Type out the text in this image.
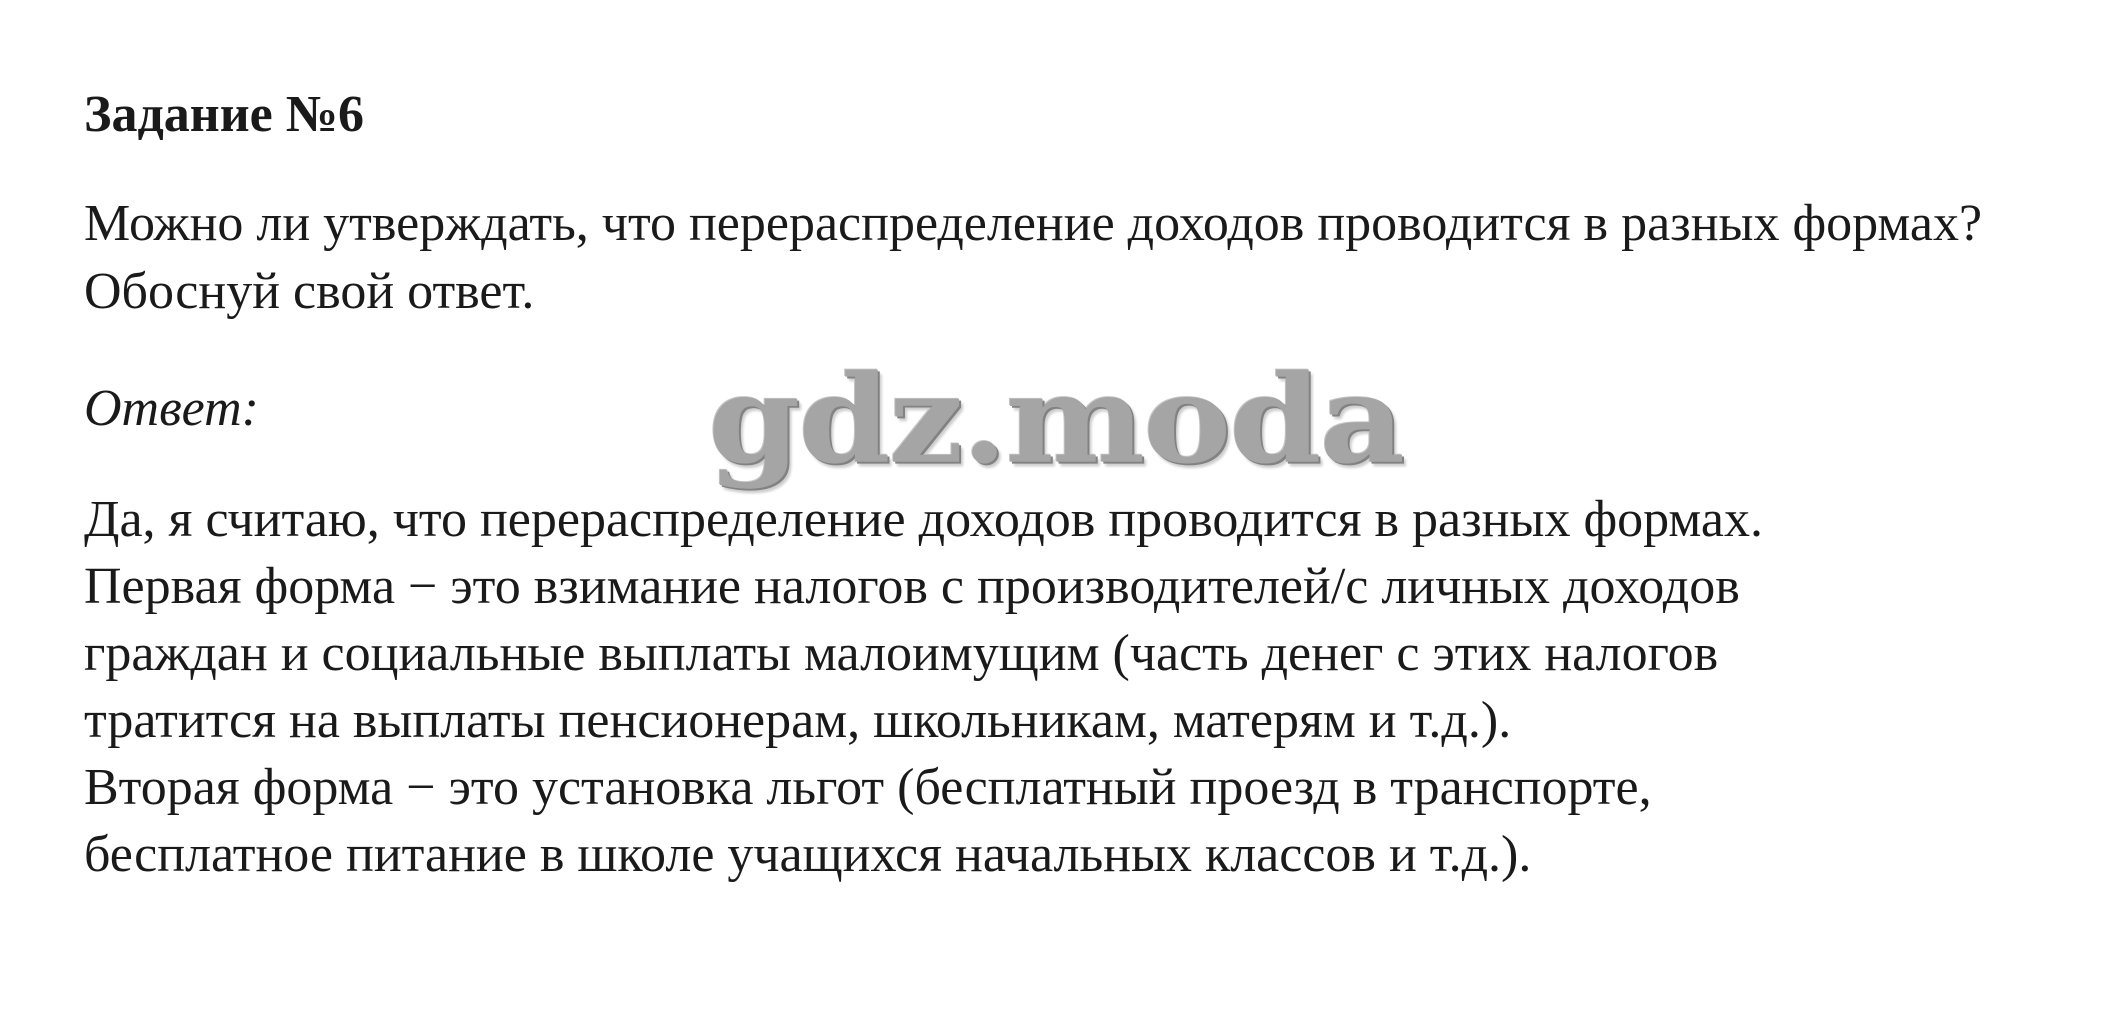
Задание №6

Можно ли утверждать, что перераспределение доходов проводится в разных формах? Обоснуй свой ответ.

Ответ:	gdz.moda
Да, я считаю, что перераспределение доходов проводится в разных формах.
Первая форма − это взимание налогов с производителей/с личных доходов
граждан и социальные выплаты малоимущим (часть денег с этих налогов
тратится на выплаты пенсионерам, школьникам, матерям и т.д.).
Вторая форма − это установка льгот (бесплатный проезд в транспорте,
бесплатное питание в школе учащихся начальных классов и т.д.).
